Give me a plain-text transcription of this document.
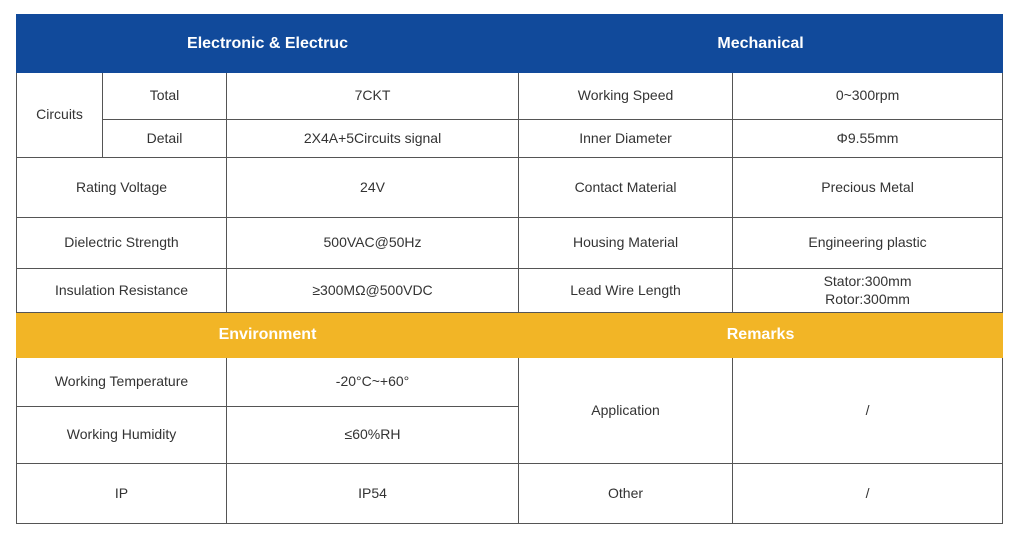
Electronic & Electruc			Mechanical	
Circuits	Total	7CKT	Working Speed	0~300rpm
	Detail	2X4A+5Circuits signal	Inner Diameter	Φ9.55mm
Rating Voltage		24V	Contact Material	Precious Metal
Dielectric Strength		500VAC@50Hz	Housing Material	Engineering plastic
Insulation Resistance		≥300MΩ@500VDC	Lead Wire Length	Stator:300mm
Rotor:300mm

Environment			Remarks	
Working Temperature		-20°C~+60°	Application	/
Working Humidity		≤60%RH		
IP		IP54	Other	/
